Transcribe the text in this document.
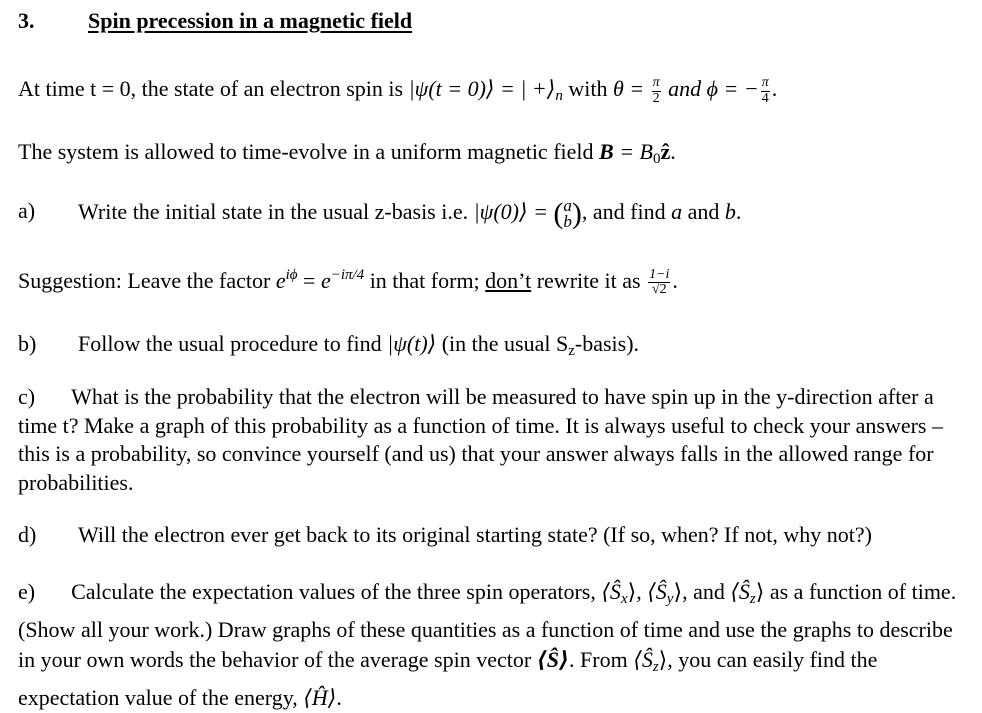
3. Spin precession in a magnetic field
At time t = 0, the state of an electron spin is |ψ(t = 0)⟩ = | $+⟩_n$ with $\theta = \frac{\pi}{2}$ and ϕ = − $\frac{\pi}{4}$ .
The system is allowed to time-evolve in a uniform magnetic field $B = B_0ẑ$.
a) Write the initial state in the usual z-basis i.e. |ψ(0)⟩ = ( a
b ), and find a and b.
Suggestion: Leave the factor $e^{i\phi} = e^{-i\pi/4}$ in that form; don’t rewrite it as $\frac{1-i}{√2}$ .
b) Follow the usual procedure to find |ψ(t)⟩ (in the usual $S_z-basis$).
c) What is the probability that the electron will be measured to have spin up in the y-direction after a time t? Make a graph of this probability as a function of time. It is always useful to check your answers – this is a probability, so convince yourself (and us) that your answer always falls in the allowed range for probabilities.
d) Will the electron ever get back to its original starting state? (If so, when? If not, why not?)
e) Calculate the expectation values of the three spin operators, $⟨Ŝ_x⟩$, $⟨Ŝ_y⟩$, and $⟨Ŝ_z⟩$ as a function of time. (Show all your work.) Draw graphs of these quantities as a function of time and use the graphs to describe in your own words the behavior of the average spin vector ⟨Ŝ⟩. From $⟨Ŝ_z⟩$, you can easily find the expectation value of the energy, ⟨Ĥ⟩.
